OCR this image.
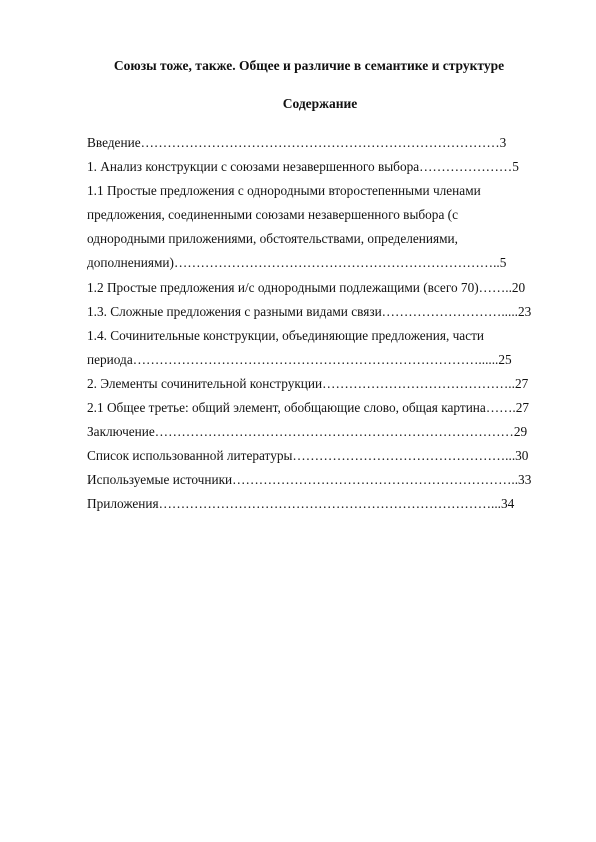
Союзы тоже, также. Общее и различие в семантике и структуре
Содержание
Введение………………………………………………………………………3
1. Анализ конструкции с союзами незавершенного выбора…………………5
1.1 Простые предложения с однородными второстепенными членами
предложения, соединенными союзами незавершенного выбора (с
однородными приложениями, обстоятельствами, определениями,
дополнениями)………………………………………………………………..5
1.2 Простые предложения и/с однородными подлежащими (всего 70)……..20
1.3. Сложные предложения с разными видами связи……………………….....23
1.4. Сочинительные конструкции, объединяющие предложения, части
периода……………………………………………………………………......25
2. Элементы сочинительной конструкции……………………………………..27
2.1 Общее третье: общий элемент, обобщающие слово, общая картина…….27
Заключение………………………………………………………………………29
Список использованной литературы…………………………………………...30
Используемые источники………………………………………………………..33
Приложения…………………………………………………………………...34
